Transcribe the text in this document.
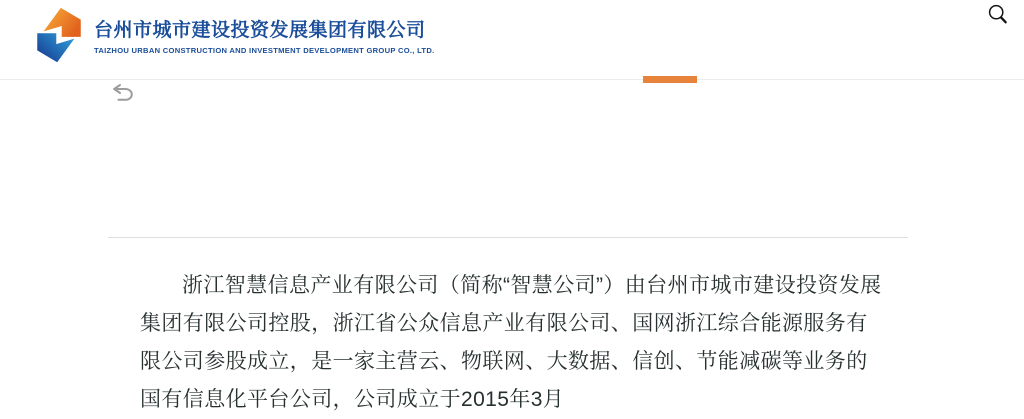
台州市城市建设投资发展集团有限公司
TAIZHOU URBAN CONSTRUCTION AND INVESTMENT DEVELOPMENT GROUP CO., LTD.
浙江智慧信息产业有限公司（简称“智慧公司”）由台州市城市建设投资发展
集团有限公司控股，浙江省公众信息产业有限公司、国网浙江综合能源服务有
限公司参股成立，是一家主营云、物联网、大数据、信创、节能减碳等业务的
国有信息化平台公司，公司成立于2015年3月
